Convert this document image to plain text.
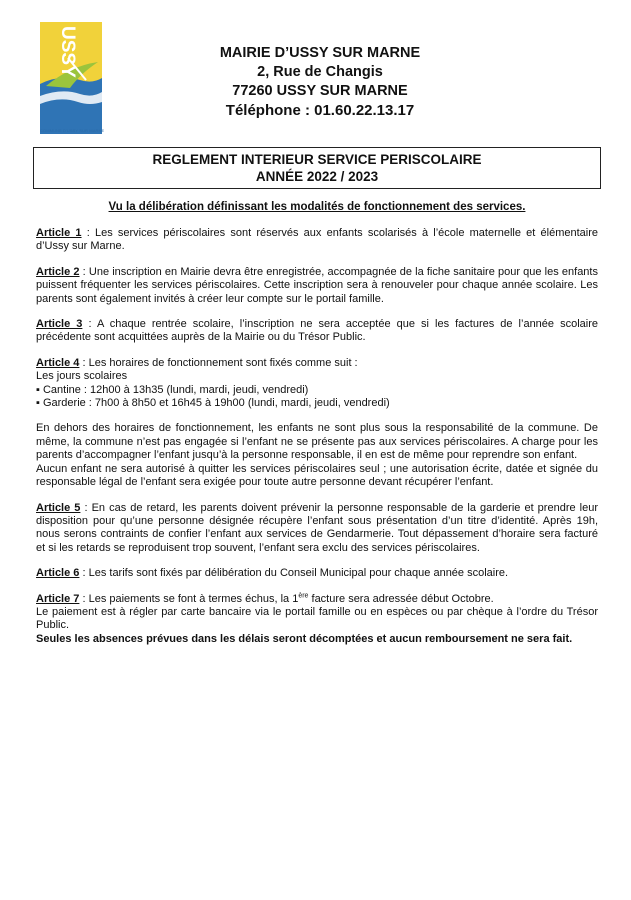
USSY
COMMUNE D'USSY SUR MARNE
MAIRIE D’USSY SUR MARNE
2, Rue de Changis
77260 USSY SUR MARNE
Téléphone : 01.60.22.13.17
REGLEMENT INTERIEUR SERVICE PERISCOLAIRE
ANNÉE 2022 / 2023
Vu la délibération définissant les modalités de fonctionnement des services.

Article 1 : Les services périscolaires sont réservés aux enfants scolarisés à l’école maternelle et élémentaire d’Ussy sur Marne.

Article 2 : Une inscription en Mairie devra être enregistrée, accompagnée de la fiche sanitaire pour que les enfants puissent fréquenter les services périscolaires. Cette inscription sera à renouveler pour chaque année scolaire. Les parents sont également invités à créer leur compte sur le portail famille.

Article 3 : A chaque rentrée scolaire, l’inscription ne sera acceptée que si les factures de l’année scolaire précédente sont acquittées auprès de la Mairie ou du Trésor Public.

Article 4 : Les horaires de fonctionnement sont fixés comme suit :
Les jours scolaires
▪ Cantine : 12h00 à 13h35 (lundi, mardi, jeudi, vendredi)
▪ Garderie : 7h00 à 8h50 et 16h45 à 19h00 (lundi, mardi, jeudi, vendredi)

En dehors des horaires de fonctionnement, les enfants ne sont plus sous la responsabilité de la commune. De même, la commune n’est pas engagée si l’enfant ne se présente pas aux services périscolaires. A charge pour les parents d’accompagner l’enfant jusqu’à la personne responsable, il en est de même pour reprendre son enfant.
Aucun enfant ne sera autorisé à quitter les services périscolaires seul ; une autorisation écrite, datée et signée du responsable légal de l’enfant sera exigée pour toute autre personne devant récupérer l’enfant.

Article 5 : En cas de retard, les parents doivent prévenir la personne responsable de la garderie et prendre leur disposition pour qu’une personne désignée récupère l’enfant sous présentation d’un titre d’identité. Après 19h, nous serons contraints de confier l’enfant aux services de Gendarmerie. Tout dépassement d’horaire sera facturé et si les retards se reproduisent trop souvent, l’enfant sera exclu des services périscolaires.

Article 6 : Les tarifs sont fixés par délibération du Conseil Municipal pour chaque année scolaire.

Article 7 : Les paiements se font à termes échus, la 1ère facture sera adressée début Octobre.
Le paiement est à régler par carte bancaire via le portail famille ou en espèces ou par chèque à l’ordre du Trésor Public.
Seules les absences prévues dans les délais seront décomptées et aucun remboursement ne sera fait.
